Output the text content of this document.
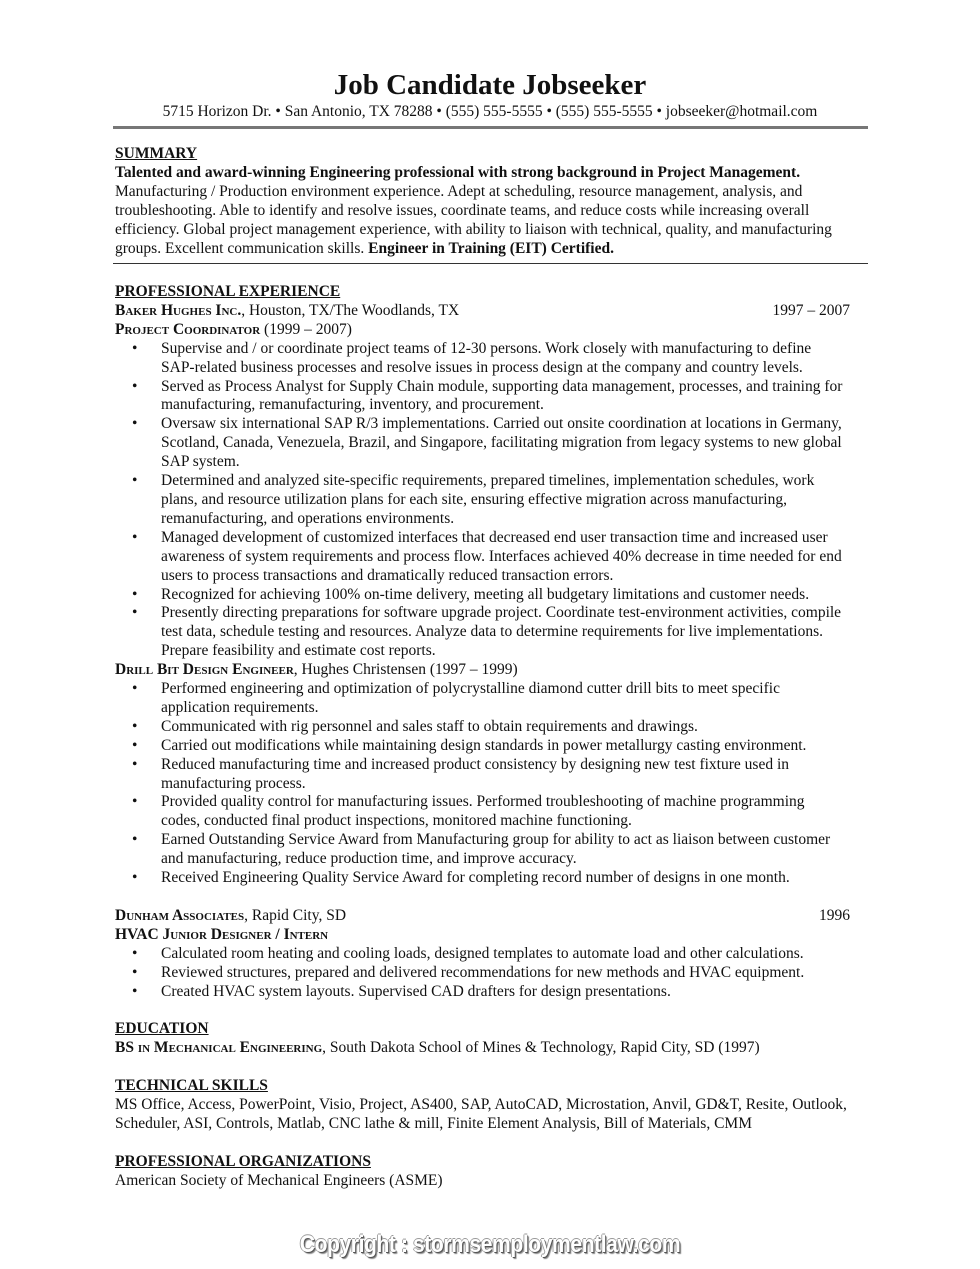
Job Candidate Jobseeker
5715 Horizon Dr. • San Antonio, TX 78288 • (555) 555-5555 • (555) 555-5555 • jobseeker@hotmail.com
SUMMARY
Talented and award-winning Engineering professional with strong background in Project Management. Manufacturing / Production environment experience. Adept at scheduling, resource management, analysis, and troubleshooting. Able to identify and resolve issues, coordinate teams, and reduce costs while increasing overall efficiency. Global project management experience, with ability to liaison with technical, quality, and manufacturing groups. Excellent communication skills. Engineer in Training (EIT) Certified.
PROFESSIONAL EXPERIENCE
Baker Hughes Inc., Houston, TX/The Woodlands, TX	1997 – 2007
Project Coordinator (1999 – 2007)
• Supervise and / or coordinate project teams of 12-30 persons. Work closely with manufacturing to define SAP-related business processes and resolve issues in process design at the company and country levels.
• Served as Process Analyst for Supply Chain module, supporting data management, processes, and training for manufacturing, remanufacturing, inventory, and procurement.
• Oversaw six international SAP R/3 implementations. Carried out onsite coordination at locations in Germany, Scotland, Canada, Venezuela, Brazil, and Singapore, facilitating migration from legacy systems to new global SAP system.
• Determined and analyzed site-specific requirements, prepared timelines, implementation schedules, work plans, and resource utilization plans for each site, ensuring effective migration across manufacturing, remanufacturing, and operations environments.
• Managed development of customized interfaces that decreased end user transaction time and increased user awareness of system requirements and process flow. Interfaces achieved 40% decrease in time needed for end users to process transactions and dramatically reduced transaction errors.
• Recognized for achieving 100% on-time delivery, meeting all budgetary limitations and customer needs.
• Presently directing preparations for software upgrade project. Coordinate test-environment activities, compile test data, schedule testing and resources. Analyze data to determine requirements for live implementations. Prepare feasibility and estimate cost reports.
Drill Bit Design Engineer, Hughes Christensen (1997 – 1999)
• Performed engineering and optimization of polycrystalline diamond cutter drill bits to meet specific application requirements.
• Communicated with rig personnel and sales staff to obtain requirements and drawings.
• Carried out modifications while maintaining design standards in power metallurgy casting environment.
• Reduced manufacturing time and increased product consistency by designing new test fixture used in manufacturing process.
• Provided quality control for manufacturing issues. Performed troubleshooting of machine programming codes, conducted final product inspections, monitored machine functioning.
• Earned Outstanding Service Award from Manufacturing group for ability to act as liaison between customer and manufacturing, reduce production time, and improve accuracy.
• Received Engineering Quality Service Award for completing record number of designs in one month.
Dunham Associates, Rapid City, SD	1996
HVAC Junior Designer / Intern
• Calculated room heating and cooling loads, designed templates to automate load and other calculations.
• Reviewed structures, prepared and delivered recommendations for new methods and HVAC equipment.
• Created HVAC system layouts. Supervised CAD drafters for design presentations.
EDUCATION
BS in Mechanical Engineering, South Dakota School of Mines & Technology, Rapid City, SD (1997)
TECHNICAL SKILLS
MS Office, Access, PowerPoint, Visio, Project, AS400, SAP, AutoCAD, Microstation, Anvil, GD&T, Resite, Outlook, Scheduler, ASI, Controls, Matlab, CNC lathe & mill, Finite Element Analysis, Bill of Materials, CMM
PROFESSIONAL ORGANIZATIONS
American Society of Mechanical Engineers (ASME)
Copyright : stormsemploymentlaw.com
